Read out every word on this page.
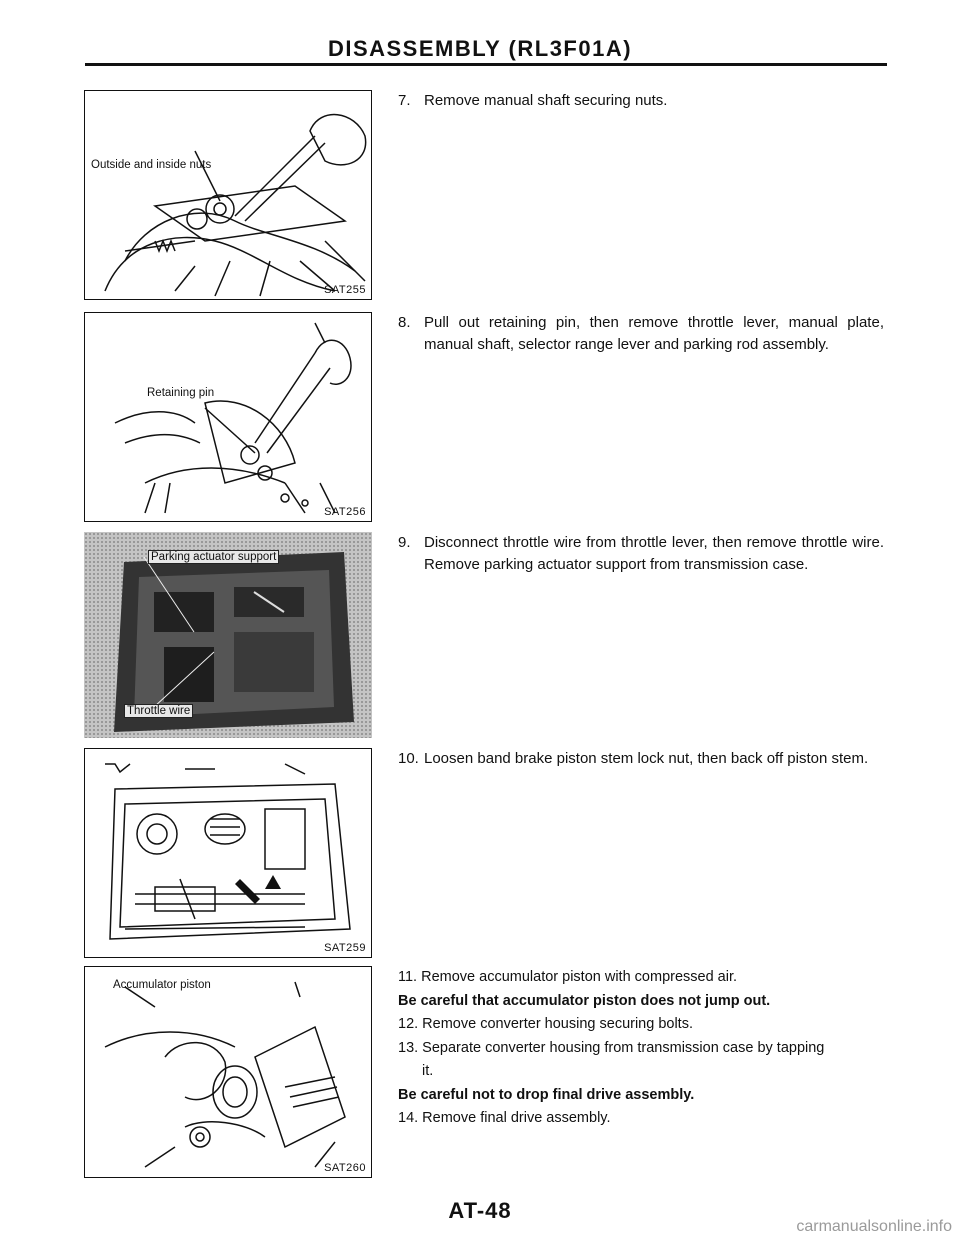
DISASSEMBLY (RL3F01A)
Outside and inside nuts
SAT255
Retaining pin
SAT256
Parking actuator support
Throttle wire
SAT259
Accumulator piston
SAT260
7. Remove manual shaft securing nuts.
8. Pull out retaining pin, then remove throttle lever, manual plate, manual shaft, selector range lever and parking rod assembly.
9. Disconnect throttle wire from throttle lever, then remove throttle wire. Remove parking actuator support from transmission case.
10. Loosen band brake piston stem lock nut, then back off piston stem.
11. Remove accumulator piston with compressed air.
Be careful that accumulator piston does not jump out.
12. Remove converter housing securing bolts.
13. Separate converter housing from transmission case by tapping
it.
Be careful not to drop final drive assembly.
14. Remove final drive assembly.
AT-48
carmanualsonline.info
